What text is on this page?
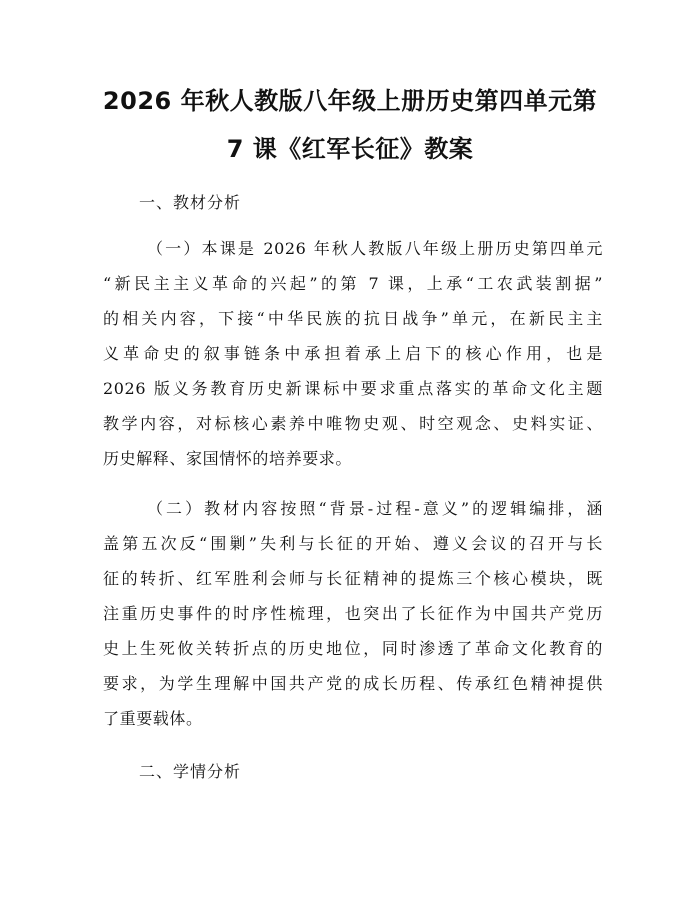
2026 年秋人教版八年级上册历史第四单元第
7 课《红军长征》教案
一、教材分析
（一）本课是 2026 年秋人教版八年级上册历史第四单元
“新民主主义革命的兴起”的第 7 课，上承“工农武装割据”
的相关内容，下接“中华民族的抗日战争”单元，在新民主主
义革命史的叙事链条中承担着承上启下的核心作用，也是
2026 版义务教育历史新课标中要求重点落实的革命文化主题
教学内容，对标核心素养中唯物史观、时空观念、史料实证、
历史解释、家国情怀的培养要求。
（二）教材内容按照“背景-过程-意义”的逻辑编排，涵
盖第五次反“围剿”失利与长征的开始、遵义会议的召开与长
征的转折、红军胜利会师与长征精神的提炼三个核心模块，既
注重历史事件的时序性梳理，也突出了长征作为中国共产党历
史上生死攸关转折点的历史地位，同时渗透了革命文化教育的
要求，为学生理解中国共产党的成长历程、传承红色精神提供
了重要载体。
二、学情分析
